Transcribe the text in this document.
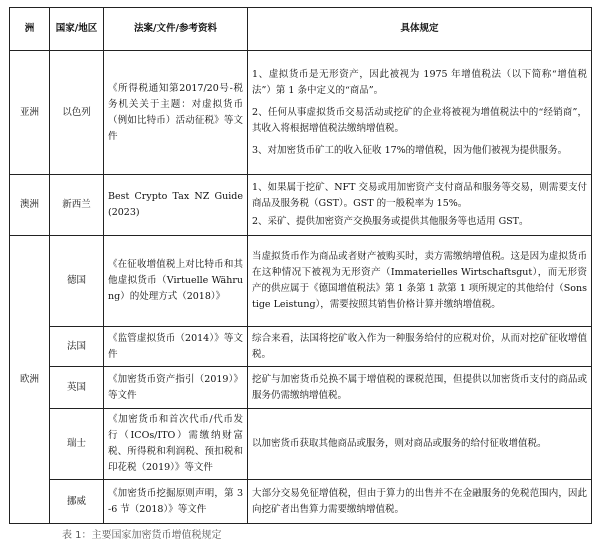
洲	国家/地区	法案/文件/参考资料	具体规定
亚洲	以色列	《所得税通知第2017/20号-税务机关关于主题：对虚拟货币（例如比特币）活动征税》等文件	1、虚拟货币是无形资产，因此被视为 1975 年增值税法（以下简称“增值税法”）第 1 条中定义的“商品”。

2、任何从事虚拟货币交易活动或挖矿的企业将被视为增值税法中的“经销商”，其收入将根据增值税法缴纳增值税。

3、对加密货币矿工的收入征收 17%的增值税，因为他们被视为提供服务。

澳洲	新西兰	Best Crypto Tax NZ Guide (2023)	1、如果属于挖矿、NFT 交易或用加密资产支付商品和服务等交易，则需要支付商品及服务税（GST）。GST 的一般税率为 15%。

2、采矿、提供加密资产交换服务或提供其他服务等也适用 GST。

欧洲	德国	《在征收增值税上对比特币和其他虚拟货币（Virtuelle Währung）的处理方式（2018）》	当虚拟货币作为商品或者财产被购买时，卖方需缴纳增值税。这是因为虚拟货币在这种情况下被视为无形资产（Immaterielles Wirtschaftsgut），而无形资产的供应属于《德国增值税法》第 1 条第 1 款第 1 项所规定的其他给付（Sonstige Leistung），需要按照其销售价格计算并缴纳增值税。
	法国	《监管虚拟货币（2014）》等文件	综合来看，法国将挖矿收入作为一种服务给付的应税对价，从而对挖矿征收增值税。
	英国	《加密货币资产指引（2019）》等文件	挖矿与加密货币兑换不属于增值税的课税范围，但提供以加密货币支付的商品或服务仍需缴纳增值税。
	瑞士	《加密货币和首次代币/代币发行（ICOs/ITO）需缴纳财富税、所得税和利润税、预扣税和印花税（2019）》等文件	以加密货币获取其他商品或服务，则对商品或服务的给付征收增值税。
	挪威	《加密货币挖掘原则声明，第 3-6 节（2018）》等文件	大部分交易免征增值税，但由于算力的出售并不在金融服务的免税范围内，因此向挖矿者出售算力需要缴纳增值税。
表 1：主要国家加密货币增值税规定
